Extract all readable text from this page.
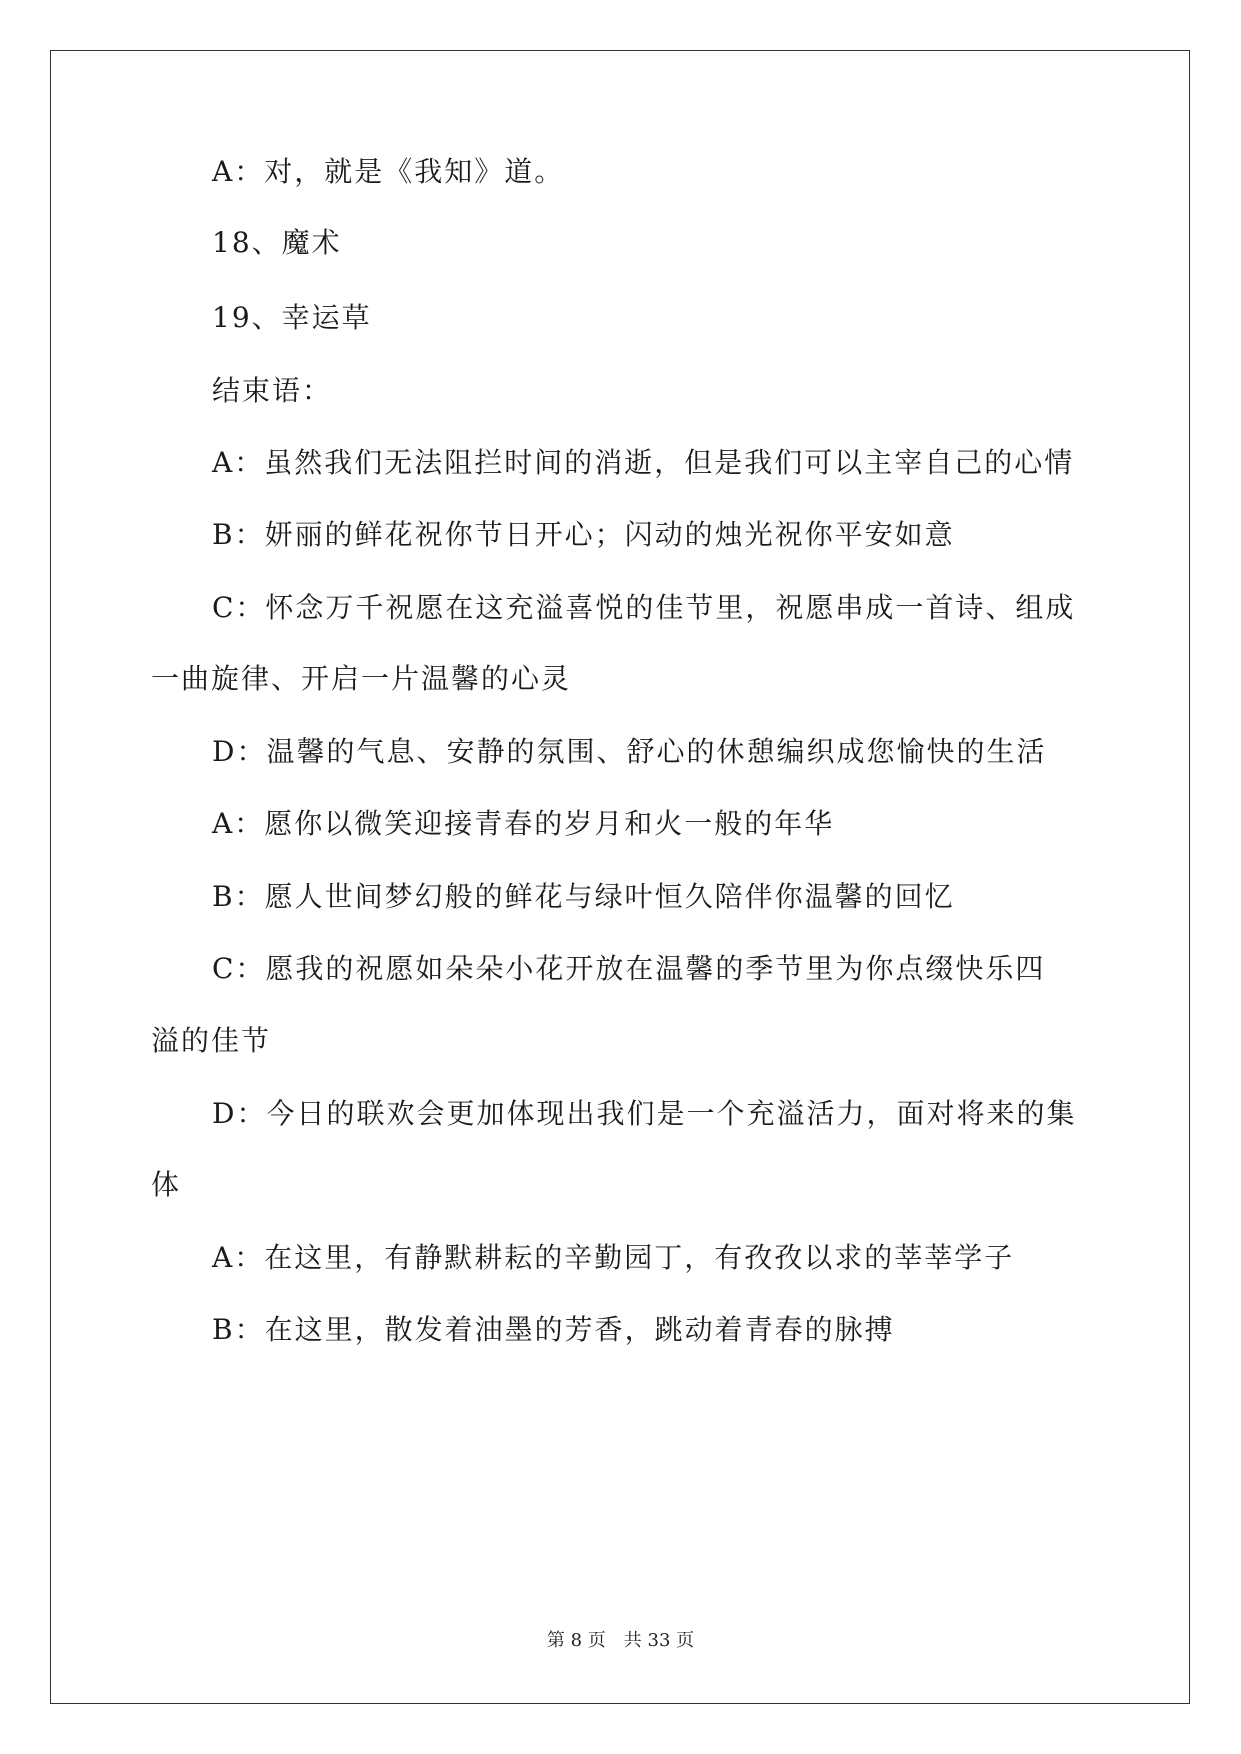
A：对，就是《我知》道。
18、魔术
19、幸运草
结束语：
A：虽然我们无法阻拦时间的消逝，但是我们可以主宰自己的心情
B：妍丽的鲜花祝你节日开心；闪动的烛光祝你平安如意
C：怀念万千祝愿在这充溢喜悦的佳节里，祝愿串成一首诗、组成
一曲旋律、开启一片温馨的心灵
D：温馨的气息、安静的氛围、舒心的休憩编织成您愉快的生活
A：愿你以微笑迎接青春的岁月和火一般的年华
B：愿人世间梦幻般的鲜花与绿叶恒久陪伴你温馨的回忆
C：愿我的祝愿如朵朵小花开放在温馨的季节里为你点缀快乐四
溢的佳节
D：今日的联欢会更加体现出我们是一个充溢活力，面对将来的集
体
A：在这里，有静默耕耘的辛勤园丁，有孜孜以求的莘莘学子
B：在这里，散发着油墨的芳香，跳动着青春的脉搏
第 8 页 共 33 页
